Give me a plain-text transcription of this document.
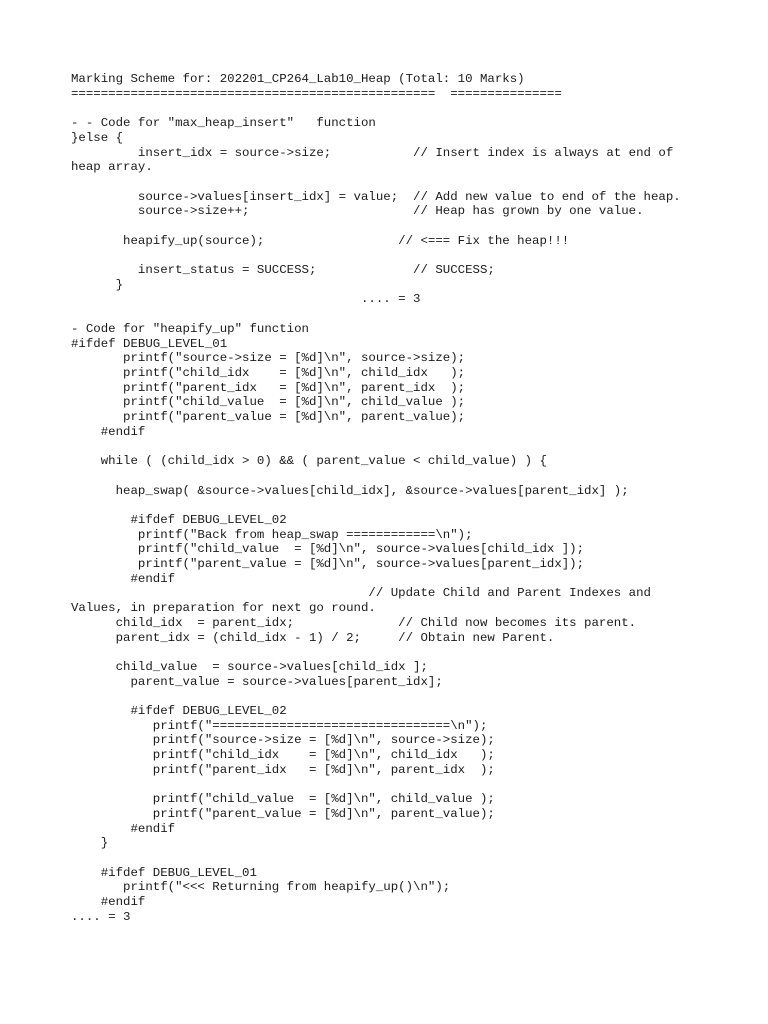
Marking Scheme for: 202201_CP264_Lab10_Heap (Total: 10 Marks)
=================================================  ===============
- - Code for "max_heap_insert"   function
}else {
insert_idx = source->size;           // Insert index is always at end of
heap array.
source->values[insert_idx] = value;  // Add new value to end of the heap.
source->size++;                      // Heap has grown by one value.
heapify_up(source);                  // <=== Fix the heap!!!
insert_status = SUCCESS;             // SUCCESS;
}
.... = 3
- Code for "heapify_up" function
#ifdef DEBUG_LEVEL_01
printf("source->size = [%d]\n", source->size);
printf("child_idx    = [%d]\n", child_idx   );
printf("parent_idx   = [%d]\n", parent_idx  );
printf("child_value  = [%d]\n", child_value );
printf("parent_value = [%d]\n", parent_value);
#endif
while ( (child_idx > 0) && ( parent_value < child_value) ) {
heap_swap( &source->values[child_idx], &source->values[parent_idx] );
#ifdef DEBUG_LEVEL_02
printf("Back from heap_swap ============\n");
printf("child_value  = [%d]\n", source->values[child_idx ]);
printf("parent_value = [%d]\n", source->values[parent_idx]);
#endif
// Update Child and Parent Indexes and
Values, in preparation for next go round.
child_idx  = parent_idx;              // Child now becomes its parent.
parent_idx = (child_idx - 1) / 2;     // Obtain new Parent.
child_value  = source->values[child_idx ];
parent_value = source->values[parent_idx];
#ifdef DEBUG_LEVEL_02
printf("================================\n");
printf("source->size = [%d]\n", source->size);
printf("child_idx    = [%d]\n", child_idx   );
printf("parent_idx   = [%d]\n", parent_idx  );
printf("child_value  = [%d]\n", child_value );
printf("parent_value = [%d]\n", parent_value);
#endif
}
#ifdef DEBUG_LEVEL_01
printf("<<< Returning from heapify_up()\n");
#endif
.... = 3
